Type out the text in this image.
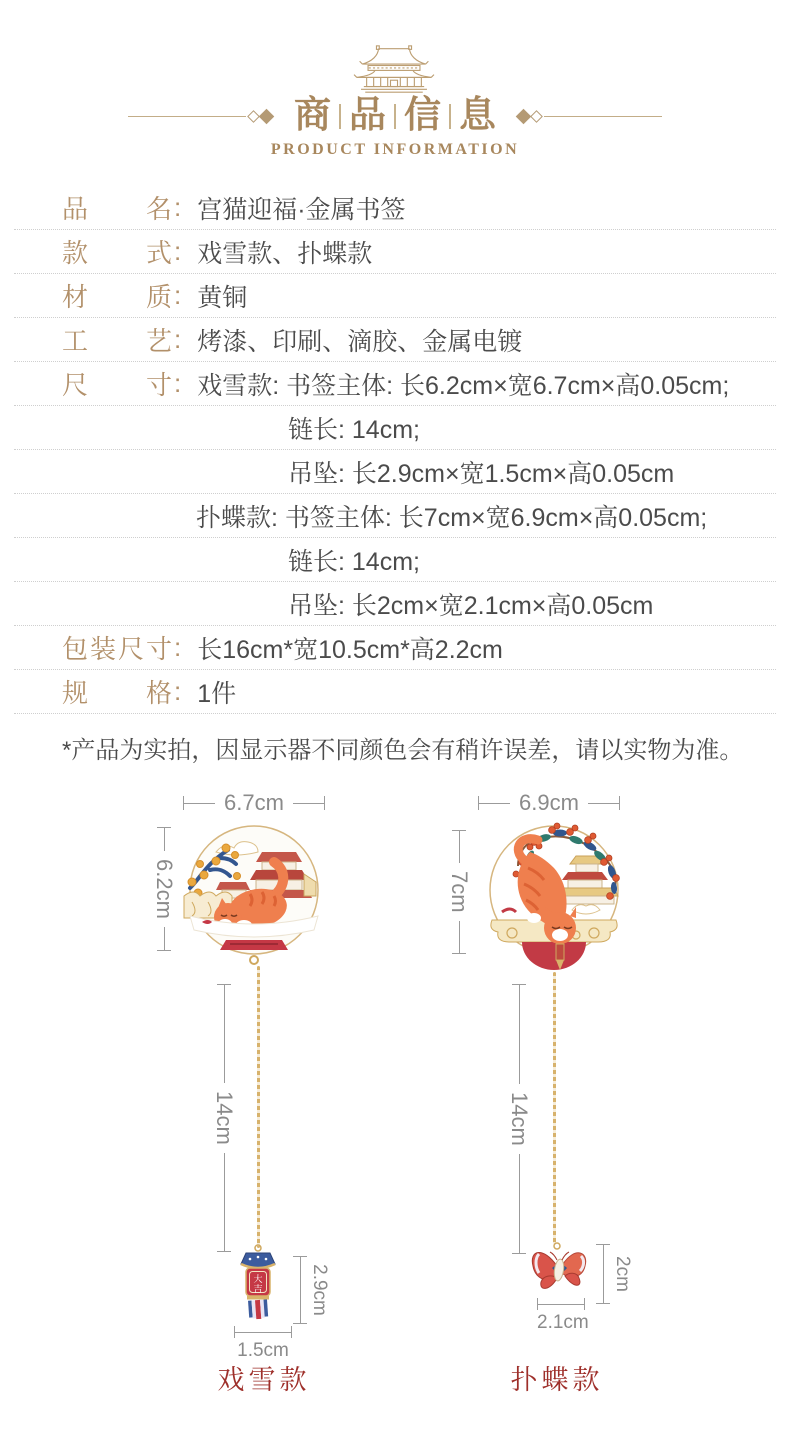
商 品 信 息
PRODUCT INFORMATION
品名 : 宫猫迎福·金属书签
款式 : 戏雪款、扑蝶款
材质 : 黄铜
工艺 : 烤漆、印刷、滴胶、金属电镀
尺寸 : 戏雪款: 书签主体: 长6.2cm×宽6.7cm×高0.05cm;
链长: 14cm;
吊坠: 长2.9cm×宽1.5cm×高0.05cm
扑蝶款: 书签主体: 长7cm×宽6.9cm×高0.05cm;
链长: 14cm;
吊坠: 长2cm×宽2.1cm×高0.05cm
包装尺寸 : 长16cm*宽10.5cm*高2.2cm
规格 : 1件
*产品为实拍，因显示器不同颜色会有稍许误差，请以实物为准。
6.7cm
6.2cm
14cm
大
吉 2.9cm
1.5cm
戏雪款
6.9cm
7cm
14cm
2cm
2.1cm
扑蝶款
